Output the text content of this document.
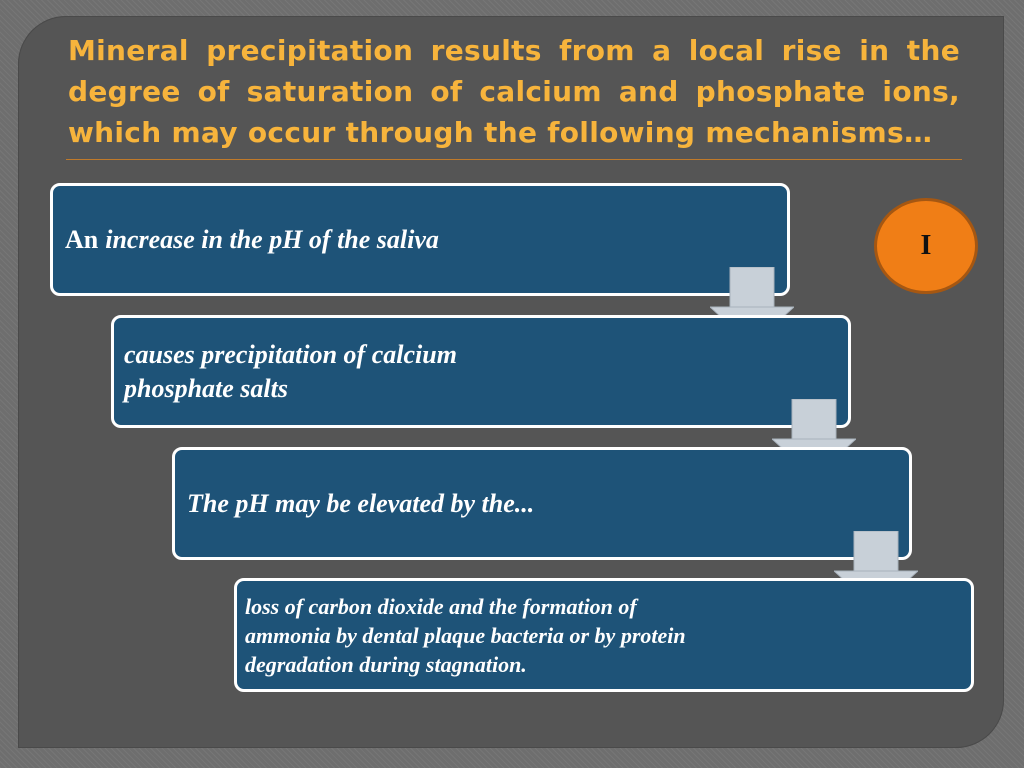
Mineral precipitation results from a local rise in the degree of saturation of calcium and phosphate ions, which may occur through the following mechanisms…
An increase in the pH of the saliva
causes precipitation of calcium
phosphate salts
The pH may be elevated by the...
loss of carbon dioxide and the formation of
ammonia by dental plaque bacteria or by protein
degradation during stagnation.
I
